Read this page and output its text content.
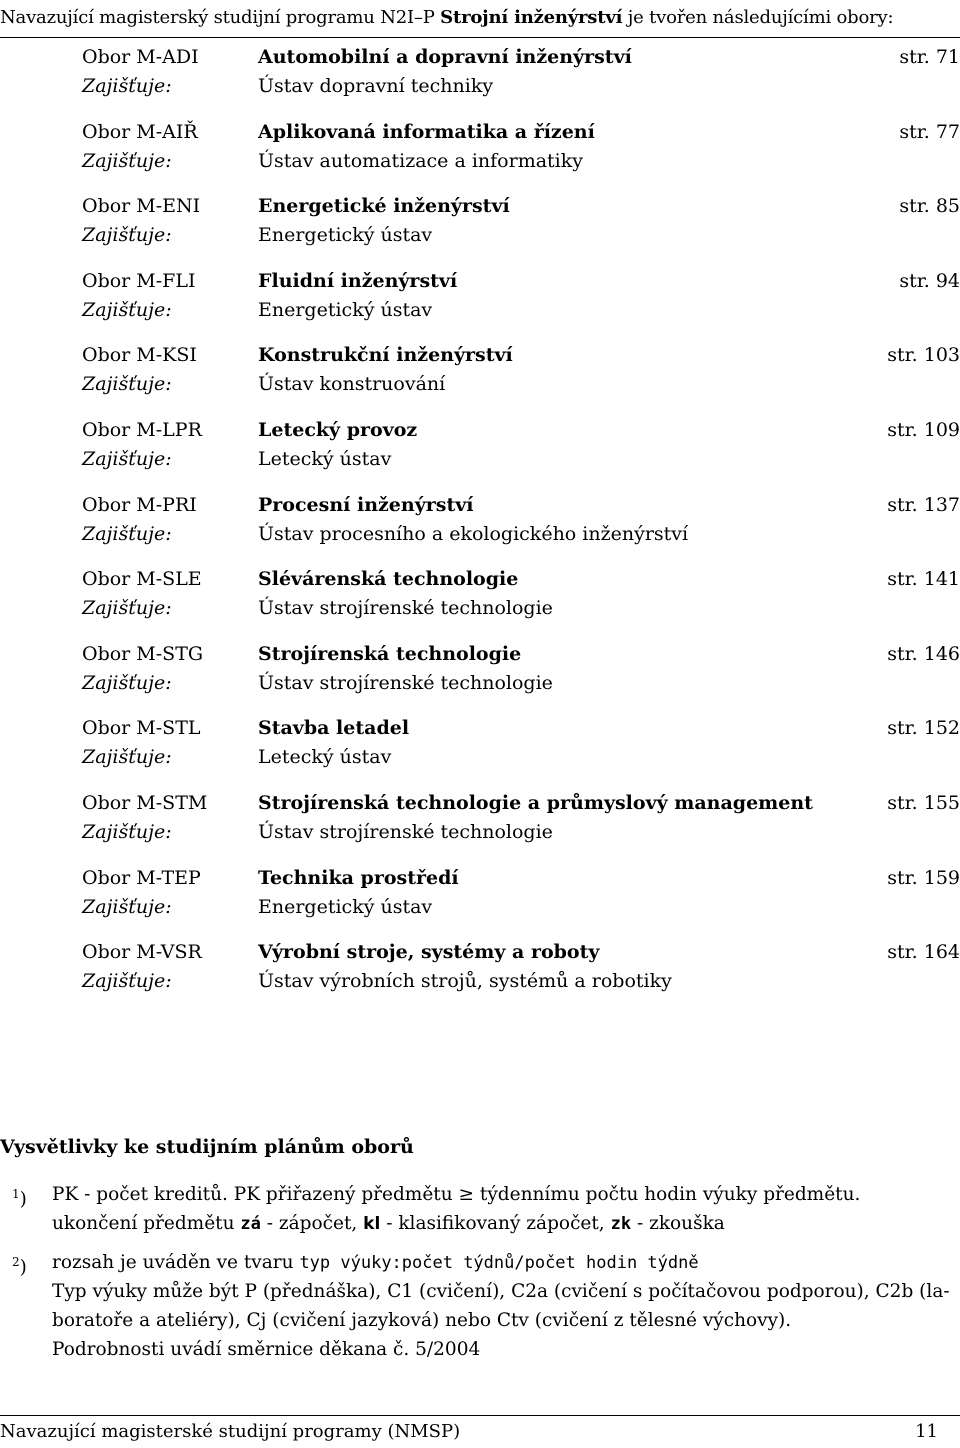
Navazující magisterský studijní programu N2I–P Strojní inženýrství je tvořen následujícími obory:
Obor M-ADI	Automobilní a dopravní inženýrství	str. 71
Zajišťuje:	Ústav dopravní techniky
Obor M-AIŘ	Aplikovaná informatika a řízení	str. 77
Zajišťuje:	Ústav automatizace a informatiky
Obor M-ENI	Energetické inženýrství	str. 85
Zajišťuje:	Energetický ústav
Obor M-FLI	Fluidní inženýrství	str. 94
Zajišťuje:	Energetický ústav
Obor M-KSI	Konstrukční inženýrství	str. 103
Zajišťuje:	Ústav konstruování
Obor M-LPR	Letecký provoz	str. 109
Zajišťuje:	Letecký ústav
Obor M-PRI	Procesní inženýrství	str. 137
Zajišťuje:	Ústav procesního a ekologického inženýrství
Obor M-SLE	Slévárenská technologie	str. 141
Zajišťuje:	Ústav strojírenské technologie
Obor M-STG	Strojírenská technologie	str. 146
Zajišťuje:	Ústav strojírenské technologie
Obor M-STL	Stavba letadel	str. 152
Zajišťuje:	Letecký ústav
Obor M-STM	Strojírenská technologie a průmyslový management	str. 155
Zajišťuje:	Ústav strojírenské technologie
Obor M-TEP	Technika prostředí	str. 159
Zajišťuje:	Energetický ústav
Obor M-VSR	Výrobní stroje, systémy a roboty	str. 164
Zajišťuje:	Ústav výrobních strojů, systémů a robotiky
Vysvětlivky ke studijním plánům oborů
$^1$) PK - počet kreditů. PK přiřazený předmětu ≥ týdennímu počtu hodin výuky předmětu.
ukončení předmětu zá - zápočet, kl - klasifikovaný zápočet, zk - zkouška
$^2$) rozsah je uváděn ve tvaru typ výuky:počet týdnů/počet hodin týdně
Typ výuky může být P (přednáška), C1 (cvičení), C2a (cvičení s počítačovou podporou), C2b (la-
boratoře a ateliéry), Cj (cvičení jazyková) nebo Ctv (cvičení z tělesné výchovy).
Podrobnosti uvádí směrnice děkana č. 5/2004
Navazující magisterské studijní programy (NMSP)	11
